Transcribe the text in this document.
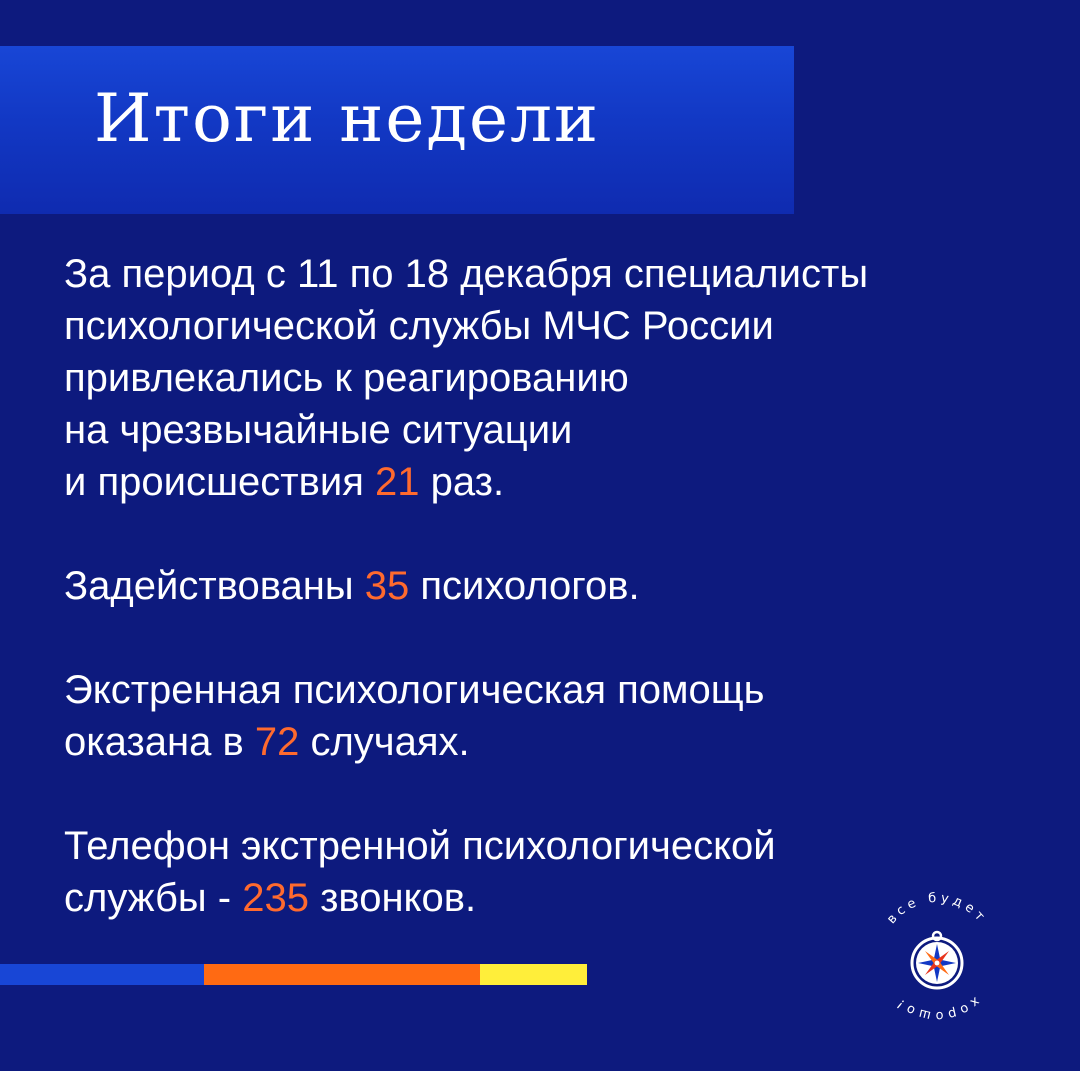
Итоги недели

За период с 11 по 18 декабря специалисты
психологической службы МЧС России
привлекались к реагированию
на чрезвычайные ситуации
и происшествия 21 раз.

Задействованы 35 психологов.

Экстренная психологическая помощь
оказана в 72 случаях.

Телефон экстренной психологической
службы - 235 звонков.	все будет
хорошо!
